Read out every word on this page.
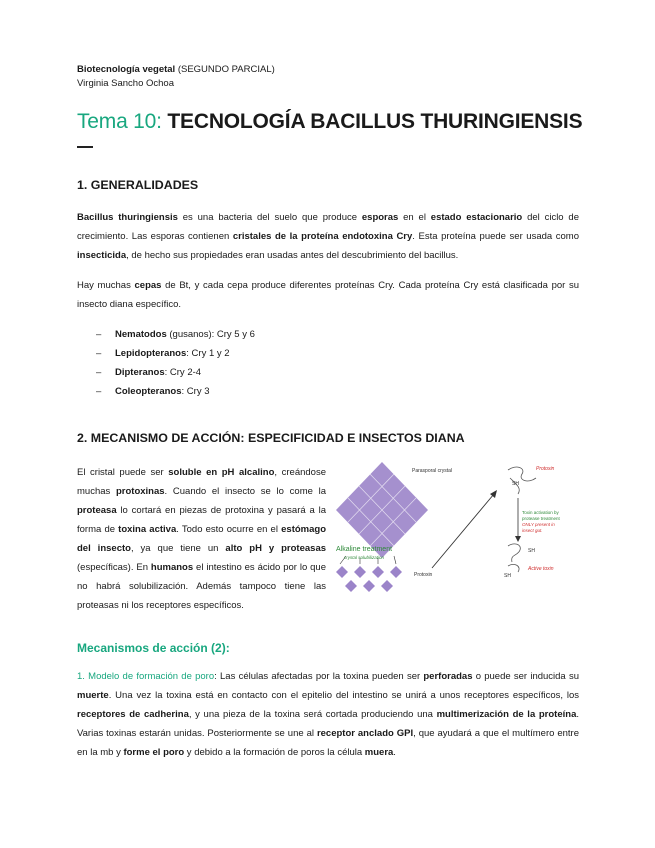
Biotecnología vegetal (SEGUNDO PARCIAL)
Virginia Sancho Ochoa
Tema 10: TECNOLOGÍA BACILLUS THURINGIENSIS
1. GENERALIDADES
Bacillus thuringiensis es una bacteria del suelo que produce esporas en el estado estacionario del ciclo de crecimiento. Las esporas contienen cristales de la proteína endotoxina Cry. Esta proteína puede ser usada como insecticida, de hecho sus propiedades eran usadas antes del descubrimiento del bacillus.
Hay muchas cepas de Bt, y cada cepa produce diferentes proteínas Cry. Cada proteína Cry está clasificada por su insecto diana específico.
– Nematodos (gusanos): Cry 5 y 6
– Lepidopteranos: Cry 1 y 2
– Dipteranos: Cry 2-4
– Coleopteranos: Cry 3
2. MECANISMO DE ACCIÓN: ESPECIFICIDAD E INSECTOS DIANA
El cristal puede ser soluble en pH alcalino, creándose muchas protoxinas. Cuando el insecto se lo come la proteasa lo cortará en piezas de protoxina y pasará a la forma de toxina activa. Todo esto ocurre en el estómago del insecto, ya que tiene un alto pH y proteasas (específicas). En humanos el intestino es ácido por lo que no habrá solubilización. Además tampoco tiene las proteasas ni los receptores específicos.
Parasporal crystal
Alkaline treatment
crystal solubilization
Protoxin
Protoxin
SH
Toxin activation by
protease treatment
ONLY present in
insect gut.
SH
SH
Active toxin
Mecanismos de acción (2):
1. Modelo de formación de poro: Las células afectadas por la toxina pueden ser perforadas o puede ser inducida su muerte. Una vez la toxina está en contacto con el epitelio del intestino se unirá a unos receptores específicos, los receptores de cadherina, y una pieza de la toxina será cortada produciendo una multimerización de la proteína. Varias toxinas estarán unidas. Posteriormente se une al receptor anclado GPI, que ayudará a que el multímero entre en la mb y forme el poro y debido a la formación de poros la célula muera.
